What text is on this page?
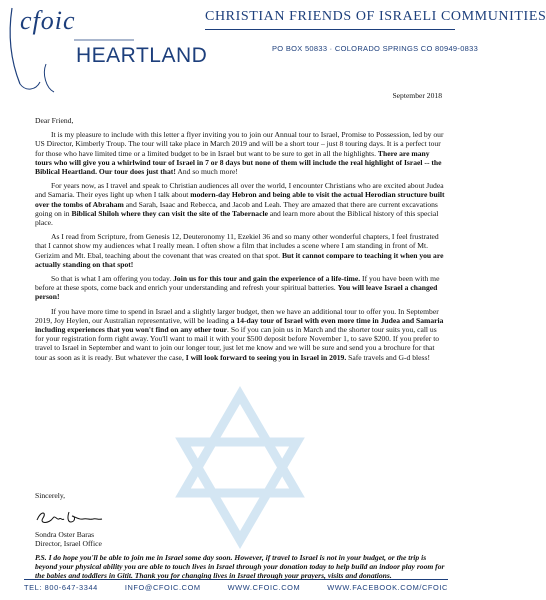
cfoic
HEARTLAND
CHRISTIAN FRIENDS OF ISRAELI COMMUNITIES
PO BOX 50833 · COLORADO SPRINGS CO 80949-0833
September 2018

Dear Friend,

It is my pleasure to include with this letter a flyer inviting you to join our Annual tour to Israel, Promise to Possession, led by our US Director, Kimberly Troup. The tour will take place in March 2019 and will be a short tour – just 8 touring days. It is a perfect tour for those who have limited time or a limited budget to be in Israel but want to be sure to get in all the highlights. There are many tours who will give you a whirlwind tour of Israel in 7 or 8 days but none of them will include the real highlight of Israel -- the Biblical Heartland. Our tour does just that! And so much more!

For years now, as I travel and speak to Christian audiences all over the world, I encounter Christians who are excited about Judea and Samaria. Their eyes light up when I talk about modern-day Hebron and being able to visit the actual Herodian structure built over the tombs of Abraham and Sarah, Isaac and Rebecca, and Jacob and Leah. They are amazed that there are current excavations going on in Biblical Shiloh where they can visit the site of the Tabernacle and learn more about the Biblical history of this special place.

As I read from Scripture, from Genesis 12, Deuteronomy 11, Ezekiel 36 and so many other wonderful chapters, I feel frustrated that I cannot show my audiences what I really mean. I often show a film that includes a scene where I am standing in front of Mt. Gerizim and Mt. Ebal, teaching about the covenant that was created on that spot. But it cannot compare to teaching it when you are actually standing on that spot!

So that is what I am offering you today. Join us for this tour and gain the experience of a life-time. If you have been with me before at these spots, come back and enrich your understanding and refresh your spiritual batteries. You will leave Israel a changed person!

If you have more time to spend in Israel and a slightly larger budget, then we have an additional tour to offer you. In September 2019, Joy Heylen, our Australian representative, will be leading a 14-day tour of Israel with even more time in Judea and Samaria including experiences that you won't find on any other tour. So if you can join us in March and the shorter tour suits you, call us for your registration form right away. You'll want to mail it with your $500 deposit before November 1, to save $200. If you prefer to travel to Israel in September and want to join our longer tour, just let me know and we will be sure and send you a brochure for that tour as soon as it is ready. But whatever the case, I will look forward to seeing you in Israel in 2019. Safe travels and G-d bless!

Sincerely,
Sondra Oster Baras
Director, Israel Office
P.S. I do hope you'll be able to join me in Israel some day soon. However, if travel to Israel is not in your budget, or the trip is beyond your physical ability you are able to touch lives in Israel through your donation today to help build an indoor play room for the babies and toddlers in Gitit. Thank you for changing lives in Israel through your prayers, visits and donations.
TEL: 800-647-3344	INFO@CFOIC.COM	WWW.CFOIC.COM	WWW.FACEBOOK.COM/CFOIC
